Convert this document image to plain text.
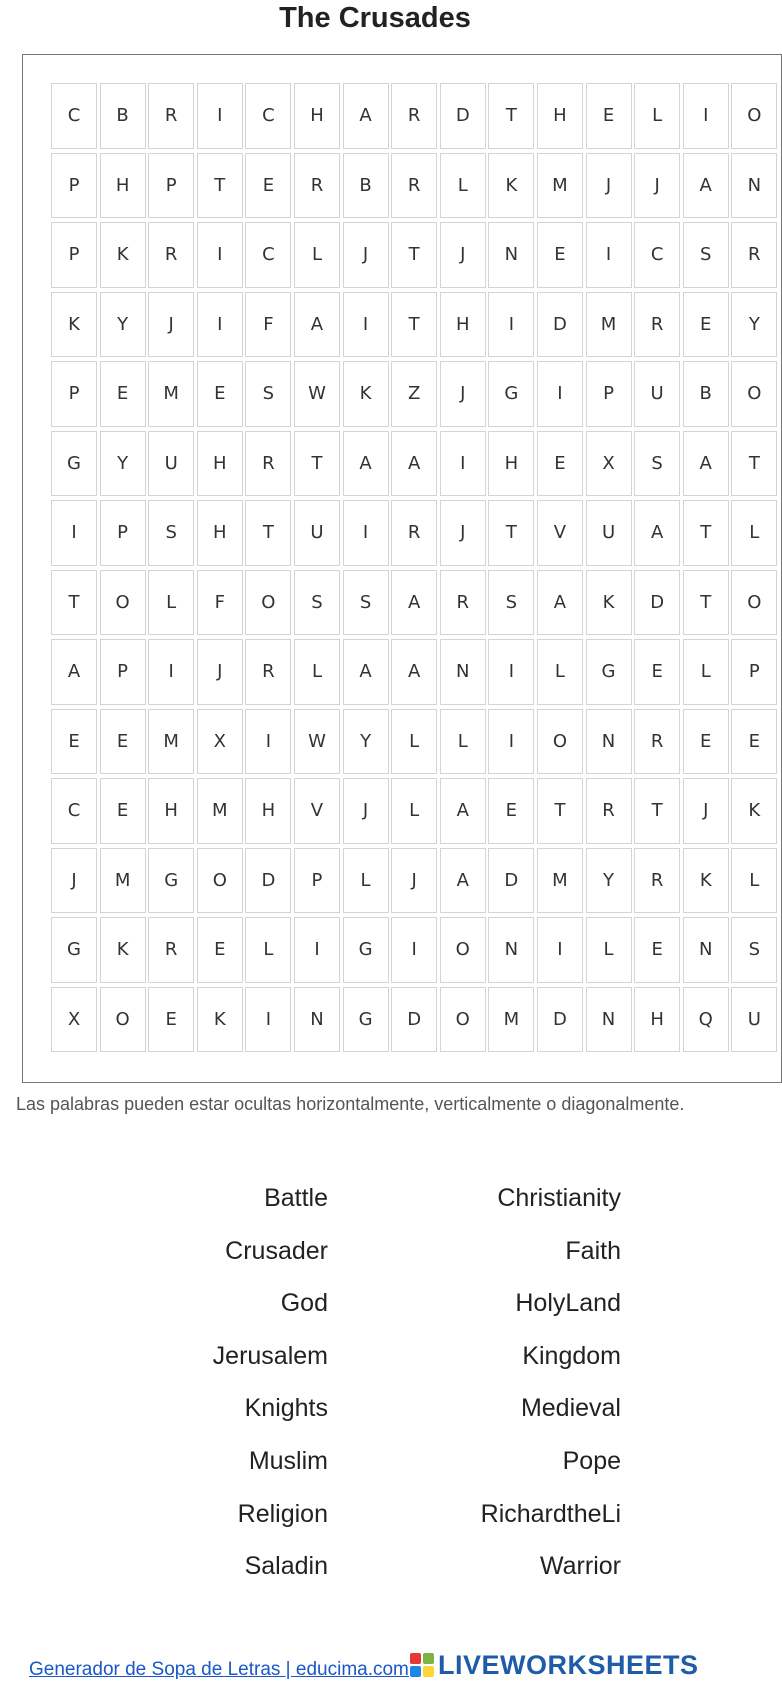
The Crusades
C	B	R	I	C	H	A	R	D	T	H	E	L	I	O
P	H	P	T	E	R	B	R	L	K	M	J	J	A	N
P	K	R	I	C	L	J	T	J	N	E	I	C	S	R
K	Y	J	I	F	A	I	T	H	I	D	M	R	E	Y
P	E	M	E	S	W	K	Z	J	G	I	P	U	B	O
G	Y	U	H	R	T	A	A	I	H	E	X	S	A	T
I	P	S	H	T	U	I	R	J	T	V	U	A	T	L
T	O	L	F	O	S	S	A	R	S	A	K	D	T	O
A	P	I	J	R	L	A	A	N	I	L	G	E	L	P
E	E	M	X	I	W	Y	L	L	I	O	N	R	E	E
C	E	H	M	H	V	J	L	A	E	T	R	T	J	K
J	M	G	O	D	P	L	J	A	D	M	Y	R	K	L
G	K	R	E	L	I	G	I	O	N	I	L	E	N	S
X	O	E	K	I	N	G	D	O	M	D	N	H	Q	U
Las palabras pueden estar ocultas horizontalmente, verticalmente o diagonalmente.
Battle
Crusader
God
Jerusalem
Knights
Muslim
Religion
Saladin
Christianity
Faith
HolyLand
Kingdom
Medieval
Pope
RichardtheLi
Warrior
Generador de Sopa de Letras | educima.com LIVEWORKSHEETS
